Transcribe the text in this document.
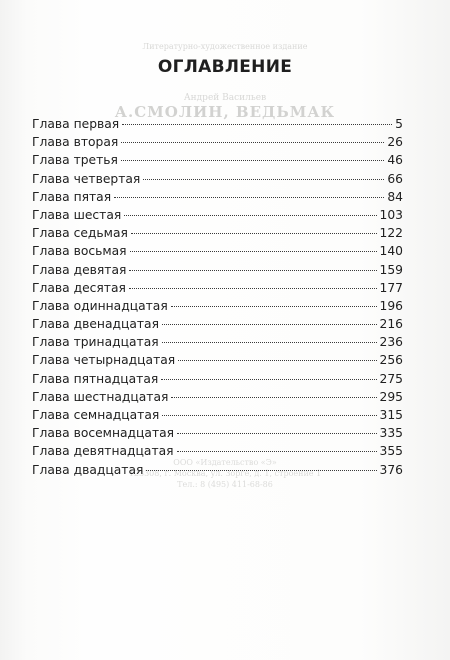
Литературно-художественное издание
Андрей Васильев
А.СМОЛИН, ВЕДЬМАК
ООО «Издательство «Э»
123308, г. Москва, ул. Зорге, д. 1, строение 1
Тел.: 8 (495) 411-68-86
ОГЛАВЛЕНИЕ
Глава первая	5
Глава вторая	26
Глава третья	46
Глава четвертая	66
Глава пятая	84
Глава шестая	103
Глава седьмая	122
Глава восьмая	140
Глава девятая	159
Глава десятая	177
Глава одиннадцатая	196
Глава двенадцатая	216
Глава тринадцатая	236
Глава четырнадцатая	256
Глава пятнадцатая	275
Глава шестнадцатая	295
Глава семнадцатая	315
Глава восемнадцатая	335
Глава девятнадцатая	355
Глава двадцатая	376
